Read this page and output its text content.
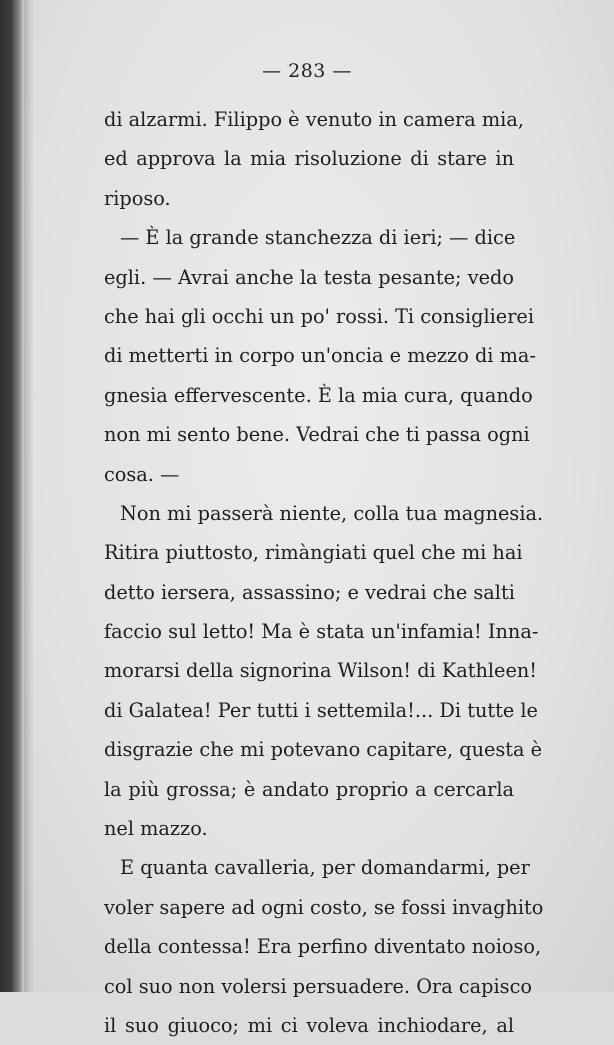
— 283 —
di alzarmi. Filippo è venuto in camera mia,
ed approva la mia risoluzione di stare in
riposo.
— È la grande stanchezza di ieri; — dice
egli. — Avrai anche la testa pesante; vedo
che hai gli occhi un po' rossi. Ti consiglierei
di metterti in corpo un'oncia e mezzo di ma-
gnesia effervescente. È la mia cura, quando
non mi sento bene. Vedrai che ti passa ogni
cosa. —
Non mi passerà niente, colla tua magnesia.
Ritira piuttosto, rimàngiati quel che mi hai
detto iersera, assassino; e vedrai che salti
faccio sul letto! Ma è stata un'infamia! Inna-
morarsi della signorina Wilson! di Kathleen!
di Galatea! Per tutti i settemila!... Di tutte le
disgrazie che mi potevano capitare, questa è
la più grossa; è andato proprio a cercarla
nel mazzo.
E quanta cavalleria, per domandarmi, per
voler sapere ad ogni costo, se fossi invaghito
della contessa! Era perfino diventato noioso,
col suo non volersi persuadere. Ora capisco
il suo giuoco; mi ci voleva inchiodare, al
